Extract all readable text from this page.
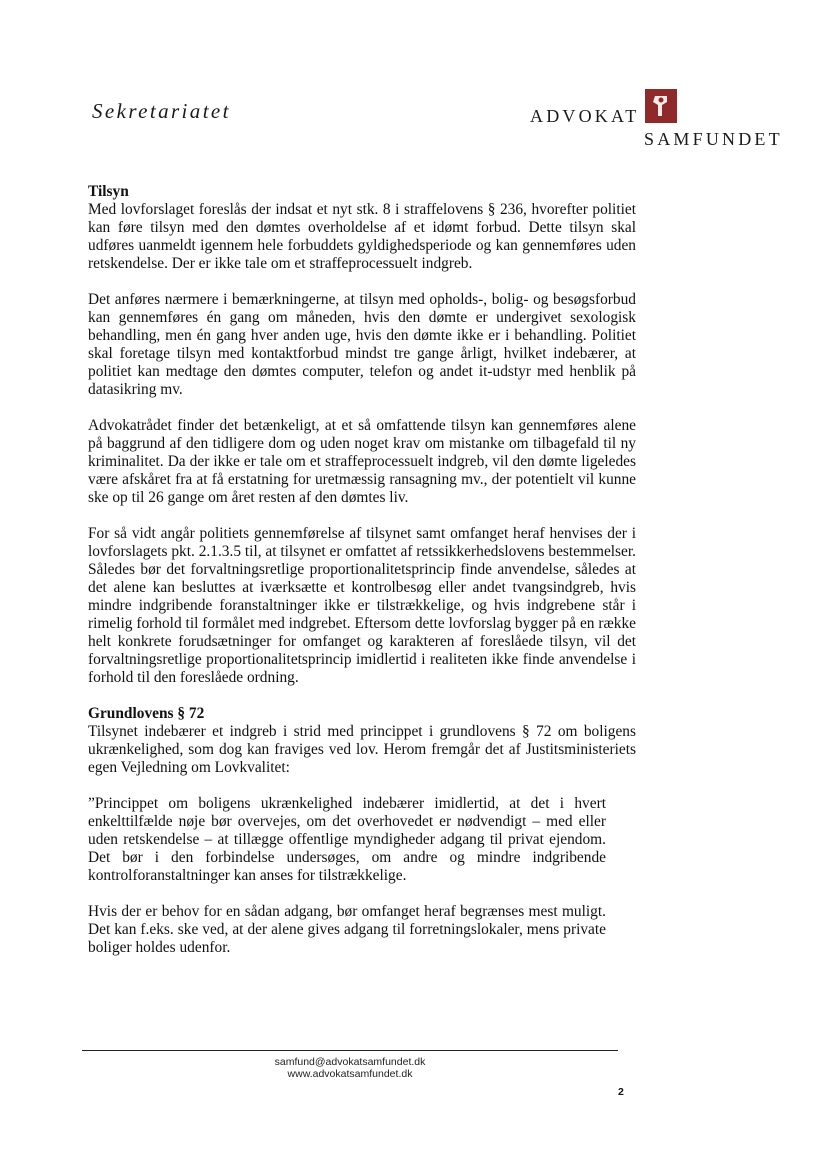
Sekretariatet	ADVOKAT
SAMFUNDET

Tilsyn

Med lovforslaget foreslås der indsat et nyt stk. 8 i straffelovens § 236, hvorefter politiet kan føre tilsyn med den dømtes overholdelse af et idømt forbud. Dette tilsyn skal udføres uanmeldt igennem hele forbuddets gyldighedsperiode og kan gennemføres uden retskendelse. Der er ikke tale om et straffeprocessuelt indgreb.

Det anføres nærmere i bemærkningerne, at tilsyn med opholds-, bolig- og besøgsforbud kan gennemføres én gang om måneden, hvis den dømte er undergivet sexologisk behandling, men én gang hver anden uge, hvis den dømte ikke er i behandling. Politiet skal foretage tilsyn med kontaktforbud mindst tre gange årligt, hvilket indebærer, at politiet kan medtage den dømtes computer, telefon og andet it-udstyr med henblik på datasikring mv.

Advokatrådet finder det betænkeligt, at et så omfattende tilsyn kan gennemføres alene på baggrund af den tidligere dom og uden noget krav om mistanke om tilbagefald til ny kriminalitet. Da der ikke er tale om et straffeprocessuelt indgreb, vil den dømte ligeledes være afskåret fra at få erstatning for uretmæssig ransagning mv., der potentielt vil kunne ske op til 26 gange om året resten af den dømtes liv.

For så vidt angår politiets gennemførelse af tilsynet samt omfanget heraf henvises der i lovforslagets pkt. 2.1.3.5 til, at tilsynet er omfattet af retssikkerhedslovens bestemmelser. Således bør det forvaltningsretlige proportionalitetsprincip finde anvendelse, således at det alene kan besluttes at iværksætte et kontrolbesøg eller andet tvangsindgreb, hvis mindre indgribende foranstaltninger ikke er tilstrækkelige, og hvis indgrebene står i rimelig forhold til formålet med indgrebet. Eftersom dette lovforslag bygger på en række helt konkrete forudsætninger for omfanget og karakteren af foreslåede tilsyn, vil det forvaltningsretlige proportionalitetsprincip imidlertid i realiteten ikke finde anvendelse i forhold til den foreslåede ordning.

Grundlovens § 72

Tilsynet indebærer et indgreb i strid med princippet i grundlovens § 72 om boligens ukrænkelighed, som dog kan fraviges ved lov. Herom fremgår det af Justitsministeriets egen Vejledning om Lovkvalitet:

”Princippet om boligens ukrænkelighed indebærer imidlertid, at det i hvert enkelttilfælde nøje bør overvejes, om det overhovedet er nødvendigt – med eller uden retskendelse – at tillægge offentlige myndigheder adgang til privat ejendom. Det bør i den forbindelse undersøges, om andre og mindre indgribende kontrolforanstaltninger kan anses for tilstrækkelige.

Hvis der er behov for en sådan adgang, bør omfanget heraf begrænses mest muligt. Det kan f.eks. ske ved, at der alene gives adgang til forretningslokaler, mens private boliger holdes udenfor.

samfund@advokatsamfundet.dk
www.advokatsamfundet.dk
2
